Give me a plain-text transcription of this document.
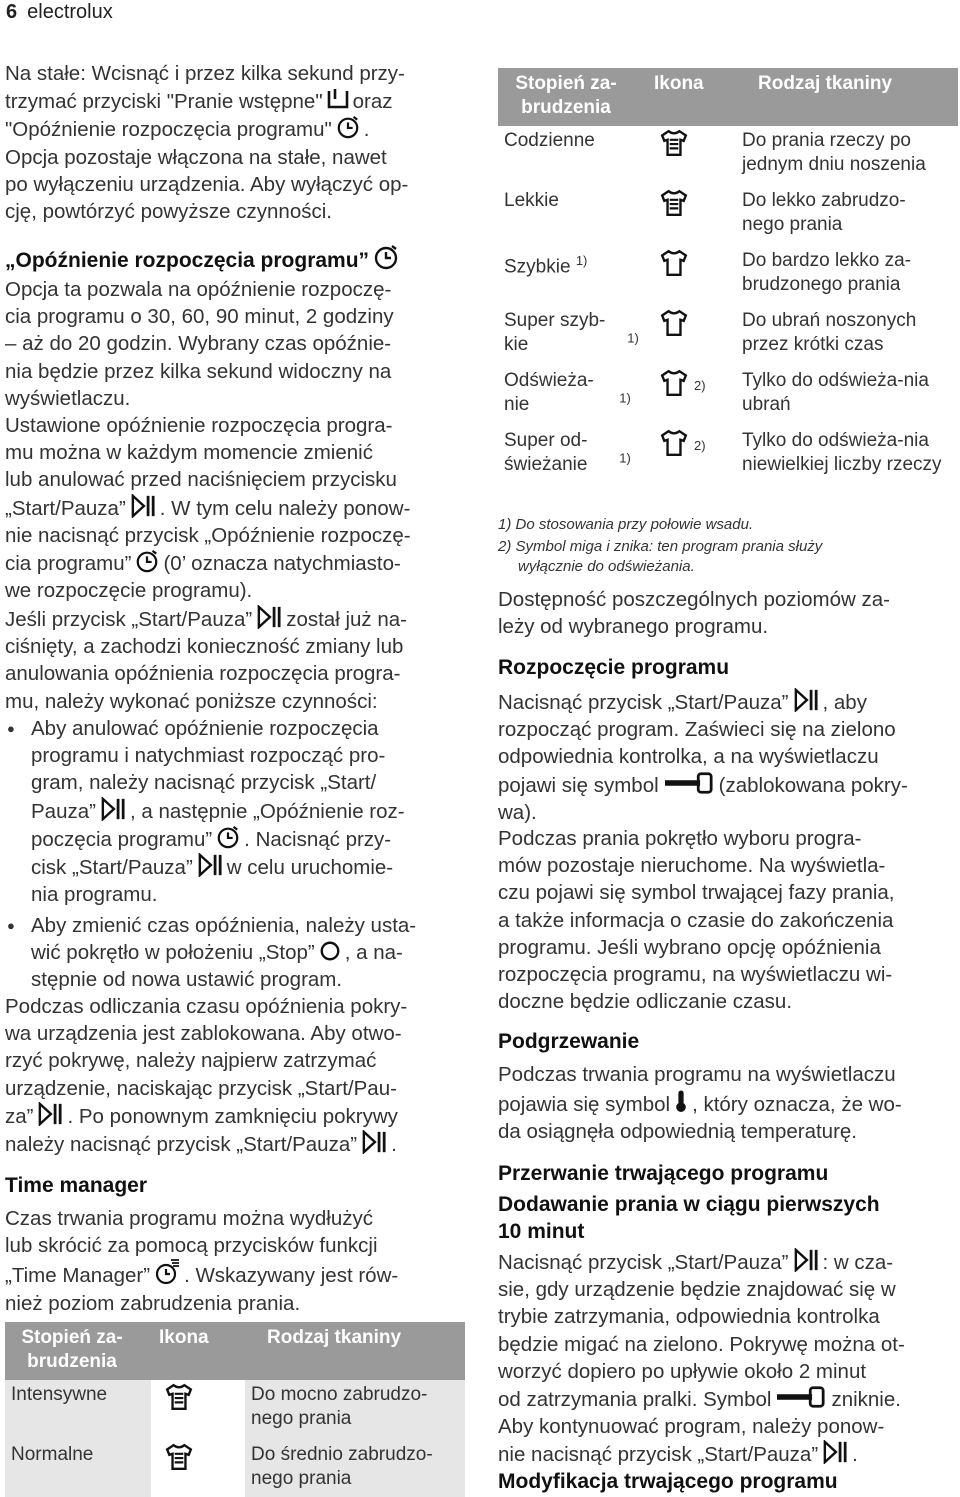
6 electrolux
Na stałe: Wcisnąć i przez kilka sekund przy-
trzymać przyciski "Pranie wstępne" oraz
"Opóźnienie rozpoczęcia programu" .
Opcja pozostaje włączona na stałe, nawet
po wyłączeniu urządzenia. Aby wyłączyć op-
cję, powtórzyć powyższe czynności.
„Opóźnienie rozpoczęcia programu”
Opcja ta pozwala na opóźnienie rozpoczę-
cia programu o 30, 60, 90 minut, 2 godziny
– aż do 20 godzin. Wybrany czas opóźnie-
nia będzie przez kilka sekund widoczny na
wyświetlaczu.
Ustawione opóźnienie rozpoczęcia progra-
mu można w każdym momencie zmienić
lub anulować przed naciśnięciem przycisku
„Start/Pauza” . W tym celu należy ponow-
nie nacisnąć przycisk „Opóźnienie rozpoczę-
cia programu” (0’ oznacza natychmiasto-
we rozpoczęcie programu).
Jeśli przycisk „Start/Pauza” został już na-
ciśnięty, a zachodzi konieczność zmiany lub
anulowania opóźnienia rozpoczęcia progra-
mu, należy wykonać poniższe czynności:
● Aby anulować opóźnienie rozpoczęcia
programu i natychmiast rozpocząć pro-
gram, należy nacisnąć przycisk „Start/
Pauza” , a następnie „Opóźnienie roz-
poczęcia programu” . Nacisnąć przy-
cisk „Start/Pauza” w celu uruchomie-
nia programu.
● Aby zmienić czas opóźnienia, należy usta-
wić pokrętło w położeniu „Stop” , a na-
stępnie od nowa ustawić program.
Podczas odliczania czasu opóźnienia pokry-
wa urządzenia jest zablokowana. Aby otwo-
rzyć pokrywę, należy najpierw zatrzymać
urządzenie, naciskając przycisk „Start/Pau-
za” . Po ponownym zamknięciu pokrywy
należy nacisnąć przycisk „Start/Pauza” .
Time manager
Czas trwania programu można wydłużyć
lub skrócić za pomocą przycisków funkcji
„Time Manager” . Wskazywany jest rów-
nież poziom zabrudzenia prania.
Stopień za-brudzenia	Ikona	Rodzaj tkaniny
Intensywne		Do mocno zabrudzo-nego prania
Normalne		Do średnio zabrudzo-nego prania
Stopień za-brudzenia	Ikona	Rodzaj tkaniny
Codzienne		Do prania rzeczy po jednym dniu noszenia
Lekkie		Do lekko zabrudzo-nego prania
Szybkie $^{1)}$		Do bardzo lekko za-brudzonego prania
Super szyb-kie $^{1)}$		Do ubrań noszonych przez krótki czas
Odświeża-nie $^{1)}$	$^{2)}$	Tylko do odświeża-nia ubrań
Super od-świeżanie $^{1)}$	$^{2)}$	Tylko do odświeża-nia niewielkiej liczby rzeczy
1) Do stosowania przy połowie wsadu.
2) Symbol miga i znika: ten program prania służy
wyłącznie do odświeżania.
Dostępność poszczególnych poziomów za-
leży od wybranego programu.
Rozpoczęcie programu
Nacisnąć przycisk „Start/Pauza” , aby
rozpocząć program. Zaświeci się na zielono
odpowiednia kontrolka, a na wyświetlaczu
pojawi się symbol	(zablokowana pokry-
wa).
Podczas prania pokrętło wyboru progra-
mów pozostaje nieruchome. Na wyświetla-
czu pojawi się symbol trwającej fazy prania,
a także informacja o czasie do zakończenia
programu. Jeśli wybrano opcję opóźnienia
rozpoczęcia programu, na wyświetlaczu wi-
doczne będzie odliczanie czasu.
Podgrzewanie
Podczas trwania programu na wyświetlaczu
pojawia się symbol , który oznacza, że wo-
da osiągnęła odpowiednią temperaturę.
Przerwanie trwającego programu
Dodawanie prania w ciągu pierwszych
10 minut
Nacisnąć przycisk „Start/Pauza” : w cza-
sie, gdy urządzenie będzie znajdować się w
trybie zatrzymania, odpowiednia kontrolka
będzie migać na zielono. Pokrywę można ot-
worzyć dopiero po upływie około 2 minut
od zatrzymania pralki. Symbol	zniknie.
Aby kontynuować program, należy ponow-
nie nacisnąć przycisk „Start/Pauza” .
Modyfikacja trwającego programu
